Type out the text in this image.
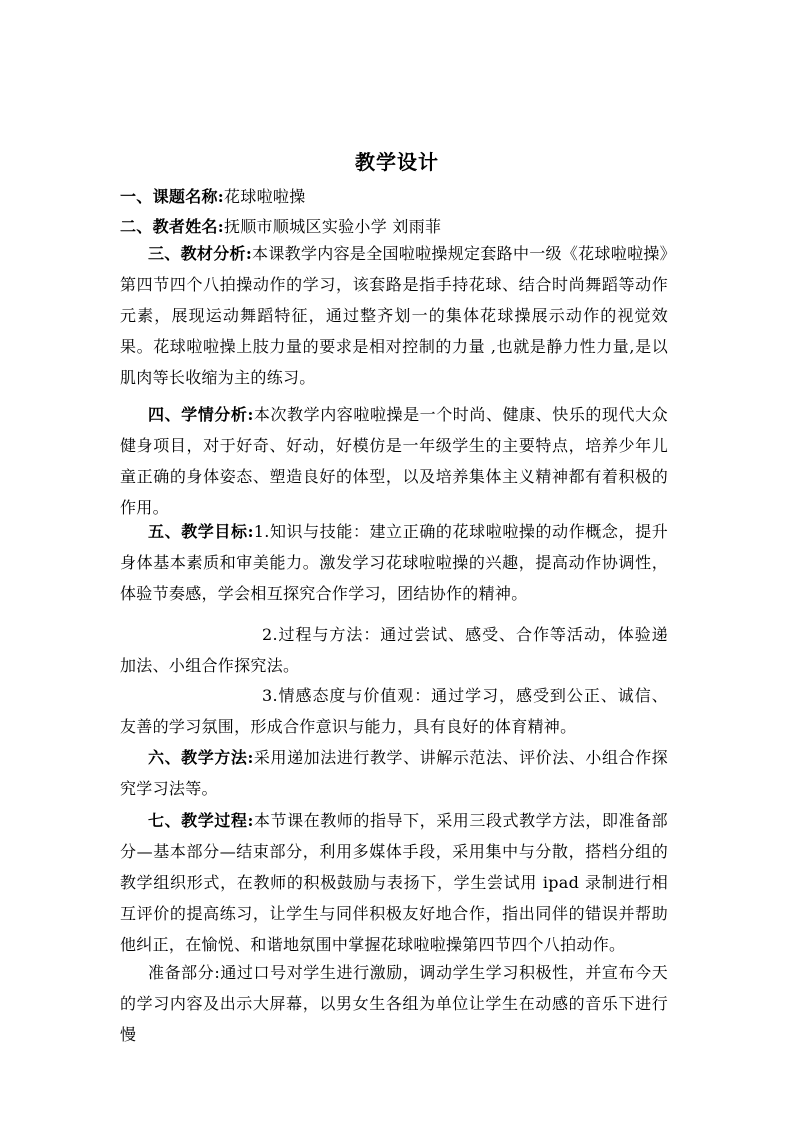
教学设计

一、课题名称:花球啦啦操

二、教者姓名:抚顺市顺城区实验小学 刘雨菲

三、教材分析:本课教学内容是全国啦啦操规定套路中一级《花球啦啦操》第四节四个八拍操动作的学习，该套路是指手持花球、结合时尚舞蹈等动作元素，展现运动舞蹈特征，通过整齐划一的集体花球操展示动作的视觉效果。花球啦啦操上肢力量的要求是相对控制的力量 ,也就是静力性力量,是以肌肉等长收缩为主的练习。

四、学情分析:本次教学内容啦啦操是一个时尚、健康、快乐的现代大众健身项目，对于好奇、好动，好模仿是一年级学生的主要特点，培养少年儿童正确的身体姿态、塑造良好的体型，以及培养集体主义精神都有着积极的作用。

五、教学目标:1.知识与技能：建立正确的花球啦啦操的动作概念，提升身体基本素质和审美能力。激发学习花球啦啦操的兴趣，提高动作协调性，体验节奏感，学会相互探究合作学习，团结协作的精神。

2.过程与方法：通过尝试、感受、合作等活动，体验递加法、小组合作探究法。

3.情感态度与价值观：通过学习，感受到公正、诚信、友善的学习氛围，形成合作意识与能力，具有良好的体育精神。

六、教学方法:采用递加法进行教学、讲解示范法、评价法、小组合作探究学习法等。

七、教学过程:本节课在教师的指导下，采用三段式教学方法，即准备部分—基本部分—结束部分，利用多媒体手段，采用集中与分散，搭档分组的教学组织形式，在教师的积极鼓励与表扬下，学生尝试用 ipad 录制进行相互评价的提高练习，让学生与同伴积极友好地合作，指出同伴的错误并帮助他纠正，在愉悦、和谐地氛围中掌握花球啦啦操第四节四个八拍动作。

准备部分:通过口号对学生进行激励，调动学生学习积极性，并宣布今天的学习内容及出示大屏幕，以男女生各组为单位让学生在动感的音乐下进行慢
